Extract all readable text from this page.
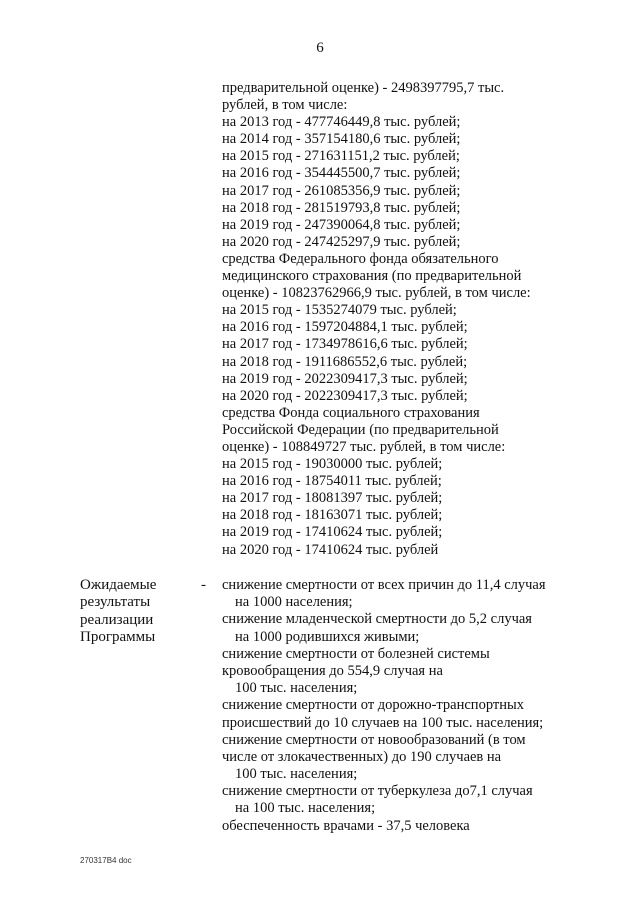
6
предварительной оценке) - 2498397795,7 тыс.
рублей, в том числе:
на 2013 год - 477746449,8 тыс. рублей;
на 2014 год - 357154180,6 тыс. рублей;
на 2015 год - 271631151,2 тыс. рублей;
на 2016 год - 354445500,7 тыс. рублей;
на 2017 год - 261085356,9 тыс. рублей;
на 2018 год - 281519793,8 тыс. рублей;
на 2019 год - 247390064,8 тыс. рублей;
на 2020 год - 247425297,9 тыс. рублей;
средства Федерального фонда обязательного
медицинского страхования (по предварительной
оценке) - 10823762966,9 тыс. рублей, в том числе:
на 2015 год - 1535274079 тыс. рублей;
на 2016 год - 1597204884,1 тыс. рублей;
на 2017 год - 1734978616,6 тыс. рублей;
на 2018 год - 1911686552,6 тыс. рублей;
на 2019 год - 2022309417,3 тыс. рублей;
на 2020 год - 2022309417,3 тыс. рублей;
средства Фонда социального страхования
Российской Федерации (по предварительной
оценке) - 108849727 тыс. рублей, в том числе:
на 2015 год - 19030000 тыс. рублей;
на 2016 год - 18754011 тыс. рублей;
на 2017 год - 18081397 тыс. рублей;
на 2018 год - 18163071 тыс. рублей;
на 2019 год - 17410624 тыс. рублей;
на 2020 год - 17410624 тыс. рублей
Ожидаемые
результаты
реализации
Программы
- снижение смертности от всех причин до 11,4 случая
на 1000 населения;
снижение младенческой смертности до 5,2 случая
на 1000 родившихся живыми;
снижение смертности от болезней системы
кровообращения до 554,9 случая на
100 тыс. населения;
снижение смертности от дорожно-транспортных
происшествий до 10 случаев на 100 тыс. населения;
снижение смертности от новообразований (в том
числе от злокачественных) до 190 случаев на
100 тыс. населения;
снижение смертности от туберкулеза до7,1 случая
на 100 тыс. населения;
обеспеченность врачами - 37,5 человека
270317В4 doc
